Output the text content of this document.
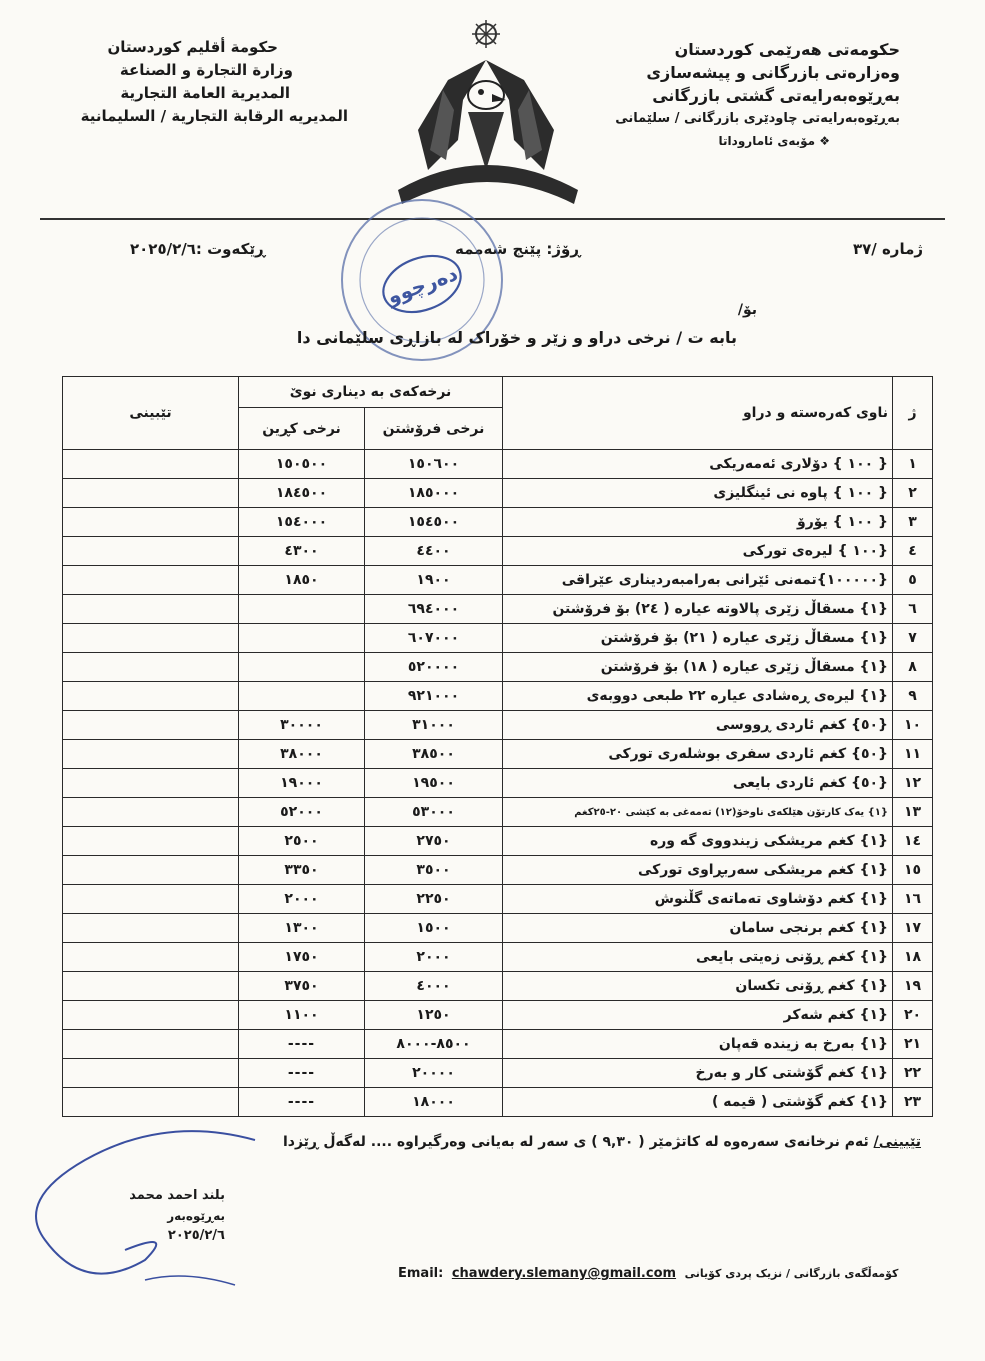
حکومەتی هەرێمی کوردستان
وەزارەتی بازرگانی و پیشەسازی
بەڕێوەبەرایەتی گشتی بازرگانی
بەڕێوەبەرایەتی چاودێری بازرگانی / سلێمانی
❖ مۆبەی ئاماروداتا
حكومة أقليم كوردستان
وزارة التجارة و الصناعة
المديرية العامة التجارية
المديريه الرقابة التجارية / السليمانية
✶ ✶ ✶
ژمارە /٣٧
ڕۆژ: پێنج شەممە
ڕێکەوت :٢٠٢٥/٢/٦
دەرچوو
بۆ/
بابە ت / نرخی دراو و زێر و خۆراک لە بازاڕی سلێمانی دا
ژ	ناوی کەرەستە و دراو	نرخەکەی بە دیناری نوێ		تێبینی
		نرخی فرۆشتن	نرخی کڕین	
١	{ ١٠٠ } دۆلاری ئەمەریکی	١٥٠٦٠٠	١٥٠٥٠٠	
٢	{ ١٠٠ } پاوە نی ئینگلیزی	١٨٥٠٠٠	١٨٤٥٠٠	
٣	{ ١٠٠ } یۆرۆ	١٥٤٥٠٠	١٥٤٠٠٠	
٤	{١٠٠ } لیرەی تورکی	٤٤٠٠	٤٣٠٠	
٥	{١٠٠٠٠٠}تمەنی ئێرانی بەرامبەردیناری عێراقی	١٩٠٠	١٨٥٠	
٦	{١} مسقاڵ زێری پالاوتە عیارە ( ٢٤) بۆ فرۆشتن	٦٩٤٠٠٠		
٧	{١} مسقاڵ زێری عیارە ( ٢١) بۆ فرۆشتن	٦٠٧٠٠٠		
٨	{١} مسقاڵ زێری عیارە ( ١٨) بۆ فرۆشتن	٥٢٠٠٠٠		
٩	{١} لیرەی ڕەشادی عیارە ٢٢ طبعی دووبەی	٩٢١٠٠٠		
١٠	{٥٠} کغم ئاردی ڕووسی	٣١٠٠٠	٣٠٠٠٠	
١١	{٥٠} کغم ئاردی سفری بوشلەری تورکی	٣٨٥٠٠	٣٨٠٠٠	
١٢	{٥٠} کغم ئاردی بایعی	١٩٥٠٠	١٩٠٠٠	
١٣	{١} یەک کارتۆن هێلکەی ناوخۆ(١٢) تەمەغی بە کێشی ٢٠-٢٥کغم	٥٣٠٠٠	٥٢٠٠٠	
١٤	{١} کغم مریشکی زیندووی گە ورە	٢٧٥٠	٢٥٠٠	
١٥	{١} کغم مریشکی سەربڕاوی تورکی	٣٥٠٠	٣٣٥٠	
١٦	{١} کغم دۆشاوی تەماتەی گڵنوش	٢٢٥٠	٢٠٠٠	
١٧	{١} کغم برنجی سامان	١٥٠٠	١٣٠٠	
١٨	{١} کغم ڕۆنی زەیتی بایعی	٢٠٠٠	١٧٥٠	
١٩	{١} کغم ڕۆنی تکسان	٤٠٠٠	٣٧٥٠	
٢٠	{١} کغم شەکر	١٢٥٠	١١٠٠	
٢١	{١} بەرخ بە زیندە قەپان	٨٥٠٠-٨٠٠٠	----	
٢٢	{١} کغم گۆشتی کار و بەرخ	٢٠٠٠٠	----	
٢٣	{١} کغم گۆشتی ( قیمە )	١٨٠٠٠	----	
تێبینی/ ئەم نرخانەی سەرەوە لە کاتژمێر ( ٩,٣٠ ) ی سەر لە بەیانی وەرگیراوە .... لەگەڵ ڕێزدا
بلند احمد محمد
بەڕێوەبەر
٢٠٢٥/٢/٦
Email: chawdery.slemany@gmail.com کۆمەڵگەی بازرگانی / نزیک پردی کۆیانی
